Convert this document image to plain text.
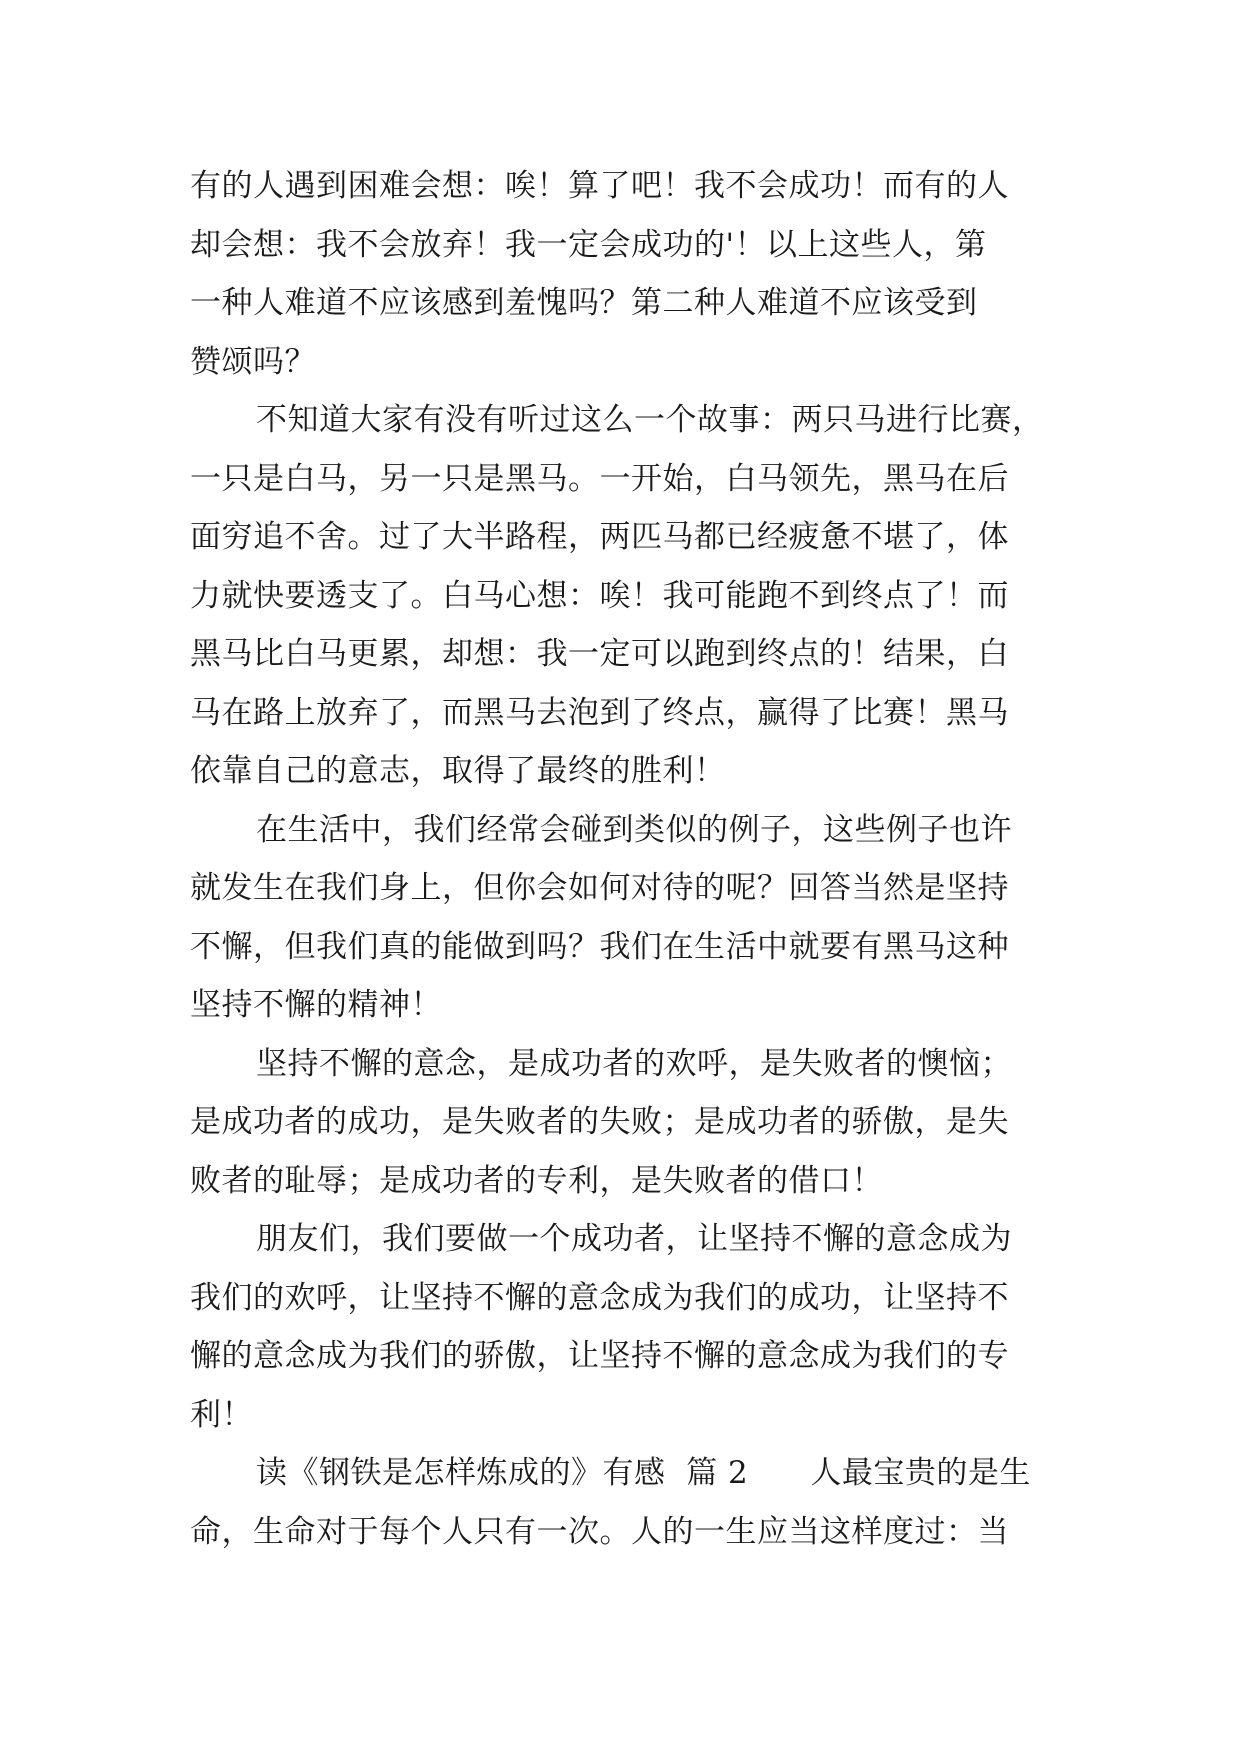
有的人遇到困难会想：唉！算了吧！我不会成功！而有的人
却会想：我不会放弃！我一定会成功的'！以上这些人，第
一种人难道不应该感到羞愧吗？第二种人难道不应该受到
赞颂吗？
不知道大家有没有听过这么一个故事：两只马进行比赛，
一只是白马，另一只是黑马。一开始，白马领先，黑马在后
面穷追不舍。过了大半路程，两匹马都已经疲惫不堪了，体
力就快要透支了。白马心想：唉！我可能跑不到终点了！而
黑马比白马更累，却想：我一定可以跑到终点的！结果，白
马在路上放弃了，而黑马去泡到了终点，赢得了比赛！黑马
依靠自己的意志，取得了最终的胜利！
在生活中，我们经常会碰到类似的例子，这些例子也许
就发生在我们身上，但你会如何对待的呢？回答当然是坚持
不懈，但我们真的能做到吗？我们在生活中就要有黑马这种
坚持不懈的精神！
坚持不懈的意念，是成功者的欢呼，是失败者的懊恼；
是成功者的成功，是失败者的失败；是成功者的骄傲，是失
败者的耻辱；是成功者的专利，是失败者的借口！
朋友们，我们要做一个成功者，让坚持不懈的意念成为
我们的欢呼，让坚持不懈的意念成为我们的成功，让坚持不
懈的意念成为我们的骄傲，让坚持不懈的意念成为我们的专
利！
读《钢铁是怎样炼成的》有感  篇 2      人最宝贵的是生
命，生命对于每个人只有一次。人的一生应当这样度过：当
